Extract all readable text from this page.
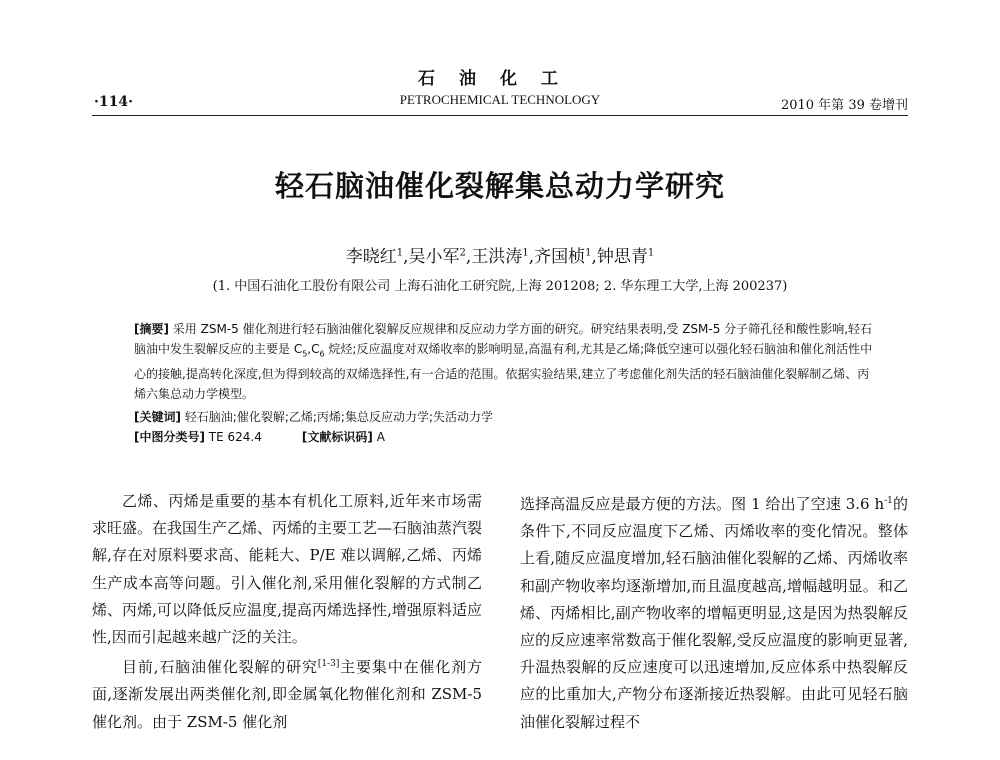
石油化工
·114·	PETROCHEMICAL TECHNOLOGY	2010 年第 39 卷增刊
轻石脑油催化裂解集总动力学研究
李晓红$^1$,吴小军$^2$,王洪涛$^1$,齐国桢$^1$,钟思青$^1$
(1. 中国石油化工股份有限公司 上海石油化工研究院,上海 201208; 2. 华东理工大学,上海 200237)

[摘要] 采用 ZSM-5 催化剂进行轻石脑油催化裂解反应规律和反应动力学方面的研究。研究结果表明,受 ZSM-5 分子筛孔径和酸性影响,轻石脑油中发生裂解反应的主要是 $C_5,C_6$ 烷烃;反应温度对双烯收率的影响明显,高温有利,尤其是乙烯;降低空速可以强化轻石脑油和催化剂活性中心的接触,提高转化深度,但为得到较高的双烯选择性,有一合适的范围。依据实验结果,建立了考虑催化剂失活的轻石脑油催化裂解制乙烯、丙烯六集总动力学模型。

[关键词] 轻石脑油;催化裂解;乙烯;丙烯;集总反应动力学;失活动力学

[中图分类号] TE 624.4	[文献标识码] A

乙烯、丙烯是重要的基本有机化工原料,近年来市场需求旺盛。在我国生产乙烯、丙烯的主要工艺—石脑油蒸汽裂解,存在对原料要求高、能耗大、P/E 难以调解,乙烯、丙烯生产成本高等问题。引入催化剂,采用催化裂解的方式制乙烯、丙烯,可以降低反应温度,提高丙烯选择性,增强原料适应性,因而引起越来越广泛的关注。

目前,石脑油催化裂解的研究[1-3]主要集中在催化剂方面,逐渐发展出两类催化剂,即金属氧化物催化剂和 ZSM-5 催化剂。由于 ZSM-5 催化剂

选择高温反应是最方便的方法。图 1 给出了空速 3.6 $h^{-1}$的条件下,不同反应温度下乙烯、丙烯收率的变化情况。整体上看,随反应温度增加,轻石脑油催化裂解的乙烯、丙烯收率和副产物收率均逐渐增加,而且温度越高,增幅越明显。和乙烯、丙烯相比,副产物收率的增幅更明显,这是因为热裂解反应的反应速率常数高于催化裂解,受反应温度的影响更显著,升温热裂解的反应速度可以迅速增加,反应体系中热裂解反应的比重加大,产物分布逐渐接近热裂解。由此可见轻石脑油催化裂解过程不
